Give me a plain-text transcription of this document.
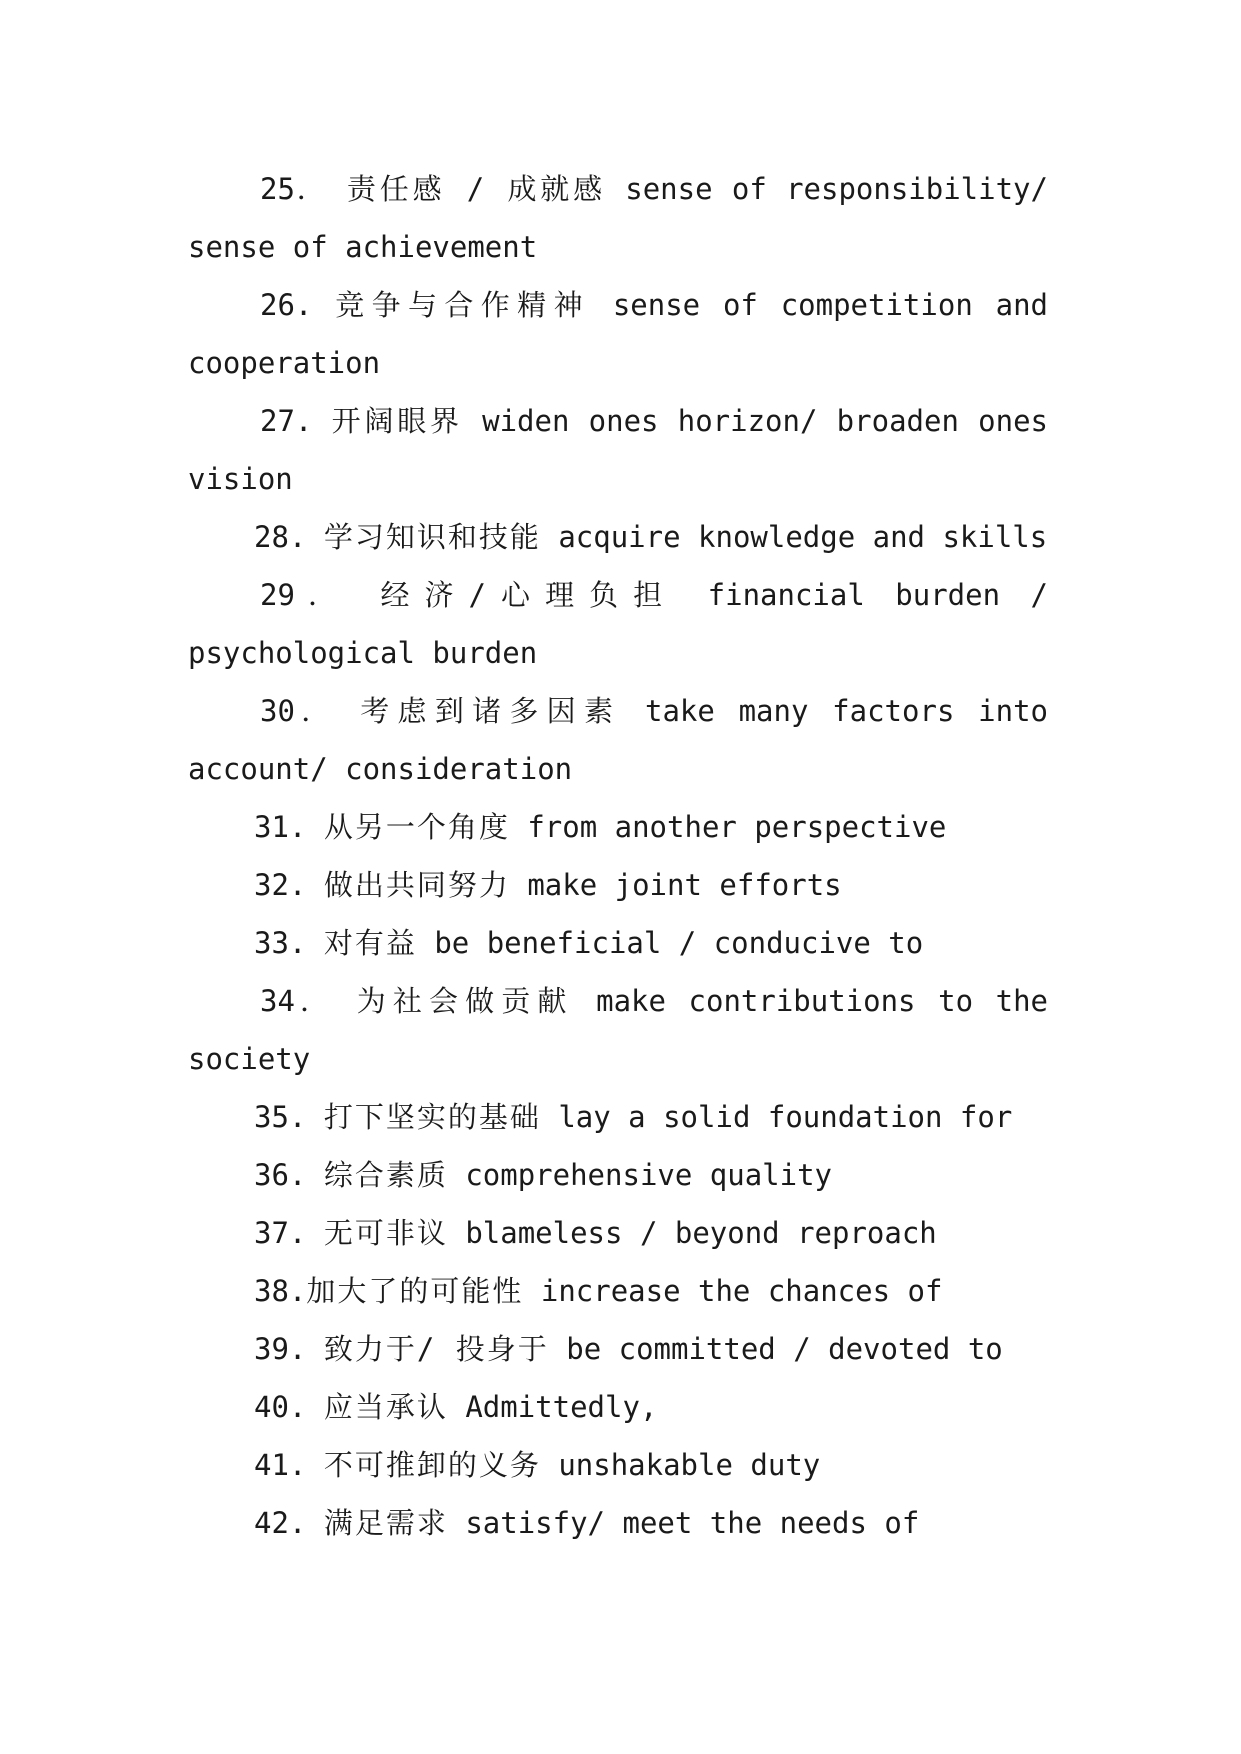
25． 责任感 / 成就感 sense of responsibility/ sense of achievement

26. 竞争与合作精神 sense of competition and cooperation

27. 开阔眼界 widen ones horizon/ broaden ones vision

28. 学习知识和技能 acquire knowledge and skills

29． 经济/心理负担 financial burden / psychological burden

30． 考虑到诸多因素 take many factors into account/ consideration

31. 从另一个角度 from another perspective

32. 做出共同努力 make joint efforts

33. 对有益 be beneficial / conducive to

34． 为社会做贡献 make contributions to the society

35. 打下坚实的基础 lay a solid foundation for

36. 综合素质 comprehensive quality

37. 无可非议 blameless / beyond reproach

38.加大了的可能性 increase the chances of

39. 致力于/ 投身于 be committed / devoted to

40. 应当承认 Admittedly,

41. 不可推卸的义务 unshakable duty

42. 满足需求 satisfy/ meet the needs of
